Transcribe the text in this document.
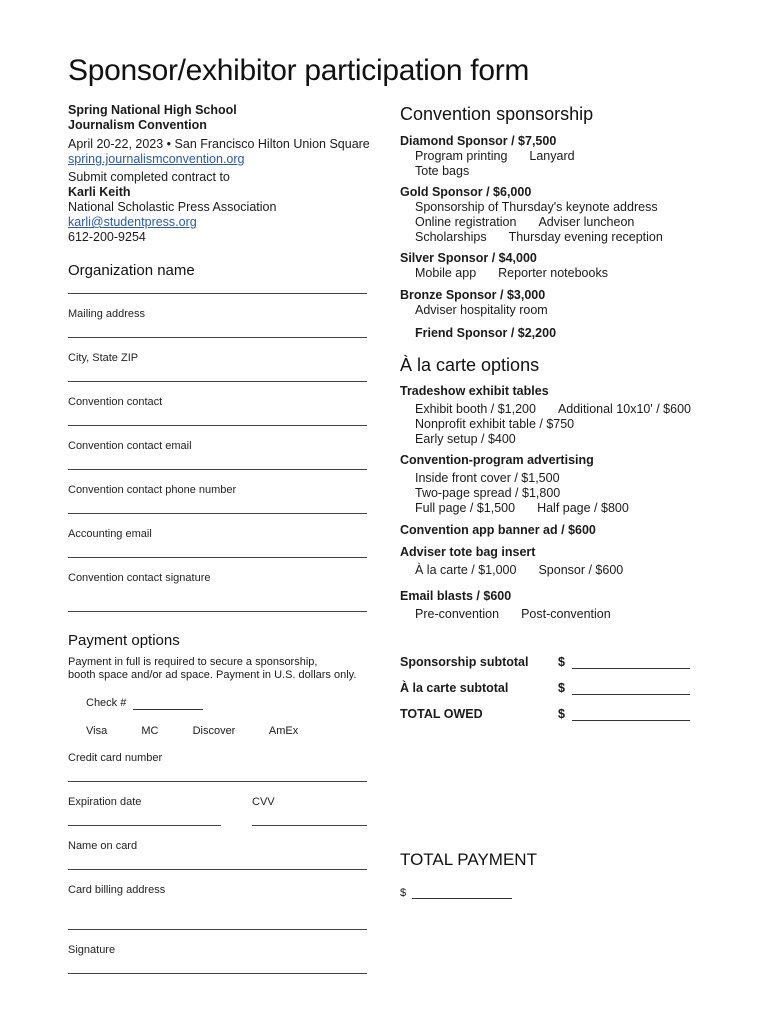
Sponsor/exhibitor participation form
Spring National High School
Journalism Convention
April 20-22, 2023 • San Francisco Hilton Union Square
spring.journalismconvention.org
Submit completed contract to
Karli Keith
National Scholastic Press Association
karli@studentpress.org
612-200-9254
Organization name
Mailing address
City, State ZIP
Convention contact
Convention contact email
Convention contact phone number
Accounting email
Convention contact signature
Payment options
Payment in full is required to secure a sponsorship,
booth space and/or ad space. Payment in U.S. dollars only.
Check #
Visa	MC	Discover	AmEx
Credit card number
Expiration date	CVV
Name on card
Card billing address
Signature
Convention sponsorship
Diamond Sponsor / $7,500
Program printing Lanyard
Tote bags
Gold Sponsor / $6,000
Sponsorship of Thursday's keynote address
Online registration Adviser luncheon
Scholarships Thursday evening reception
Silver Sponsor / $4,000
Mobile app Reporter notebooks
Bronze Sponsor / $3,000
Adviser hospitality room
Friend Sponsor / $2,200
À la carte options
Tradeshow exhibit tables
Exhibit booth / $1,200 Additional 10x10' / $600
Nonprofit exhibit table / $750
Early setup / $400
Convention-program advertising
Inside front cover / $1,500
Two-page spread / $1,800
Full page / $1,500 Half page / $800
Convention app banner ad / $600
Adviser tote bag insert
À la carte / $1,000 Sponsor / $600
Email blasts / $600
Pre-convention Post-convention
Sponsorship subtotal $
À la carte subtotal	$
TOTAL OWED	$
TOTAL PAYMENT
$
